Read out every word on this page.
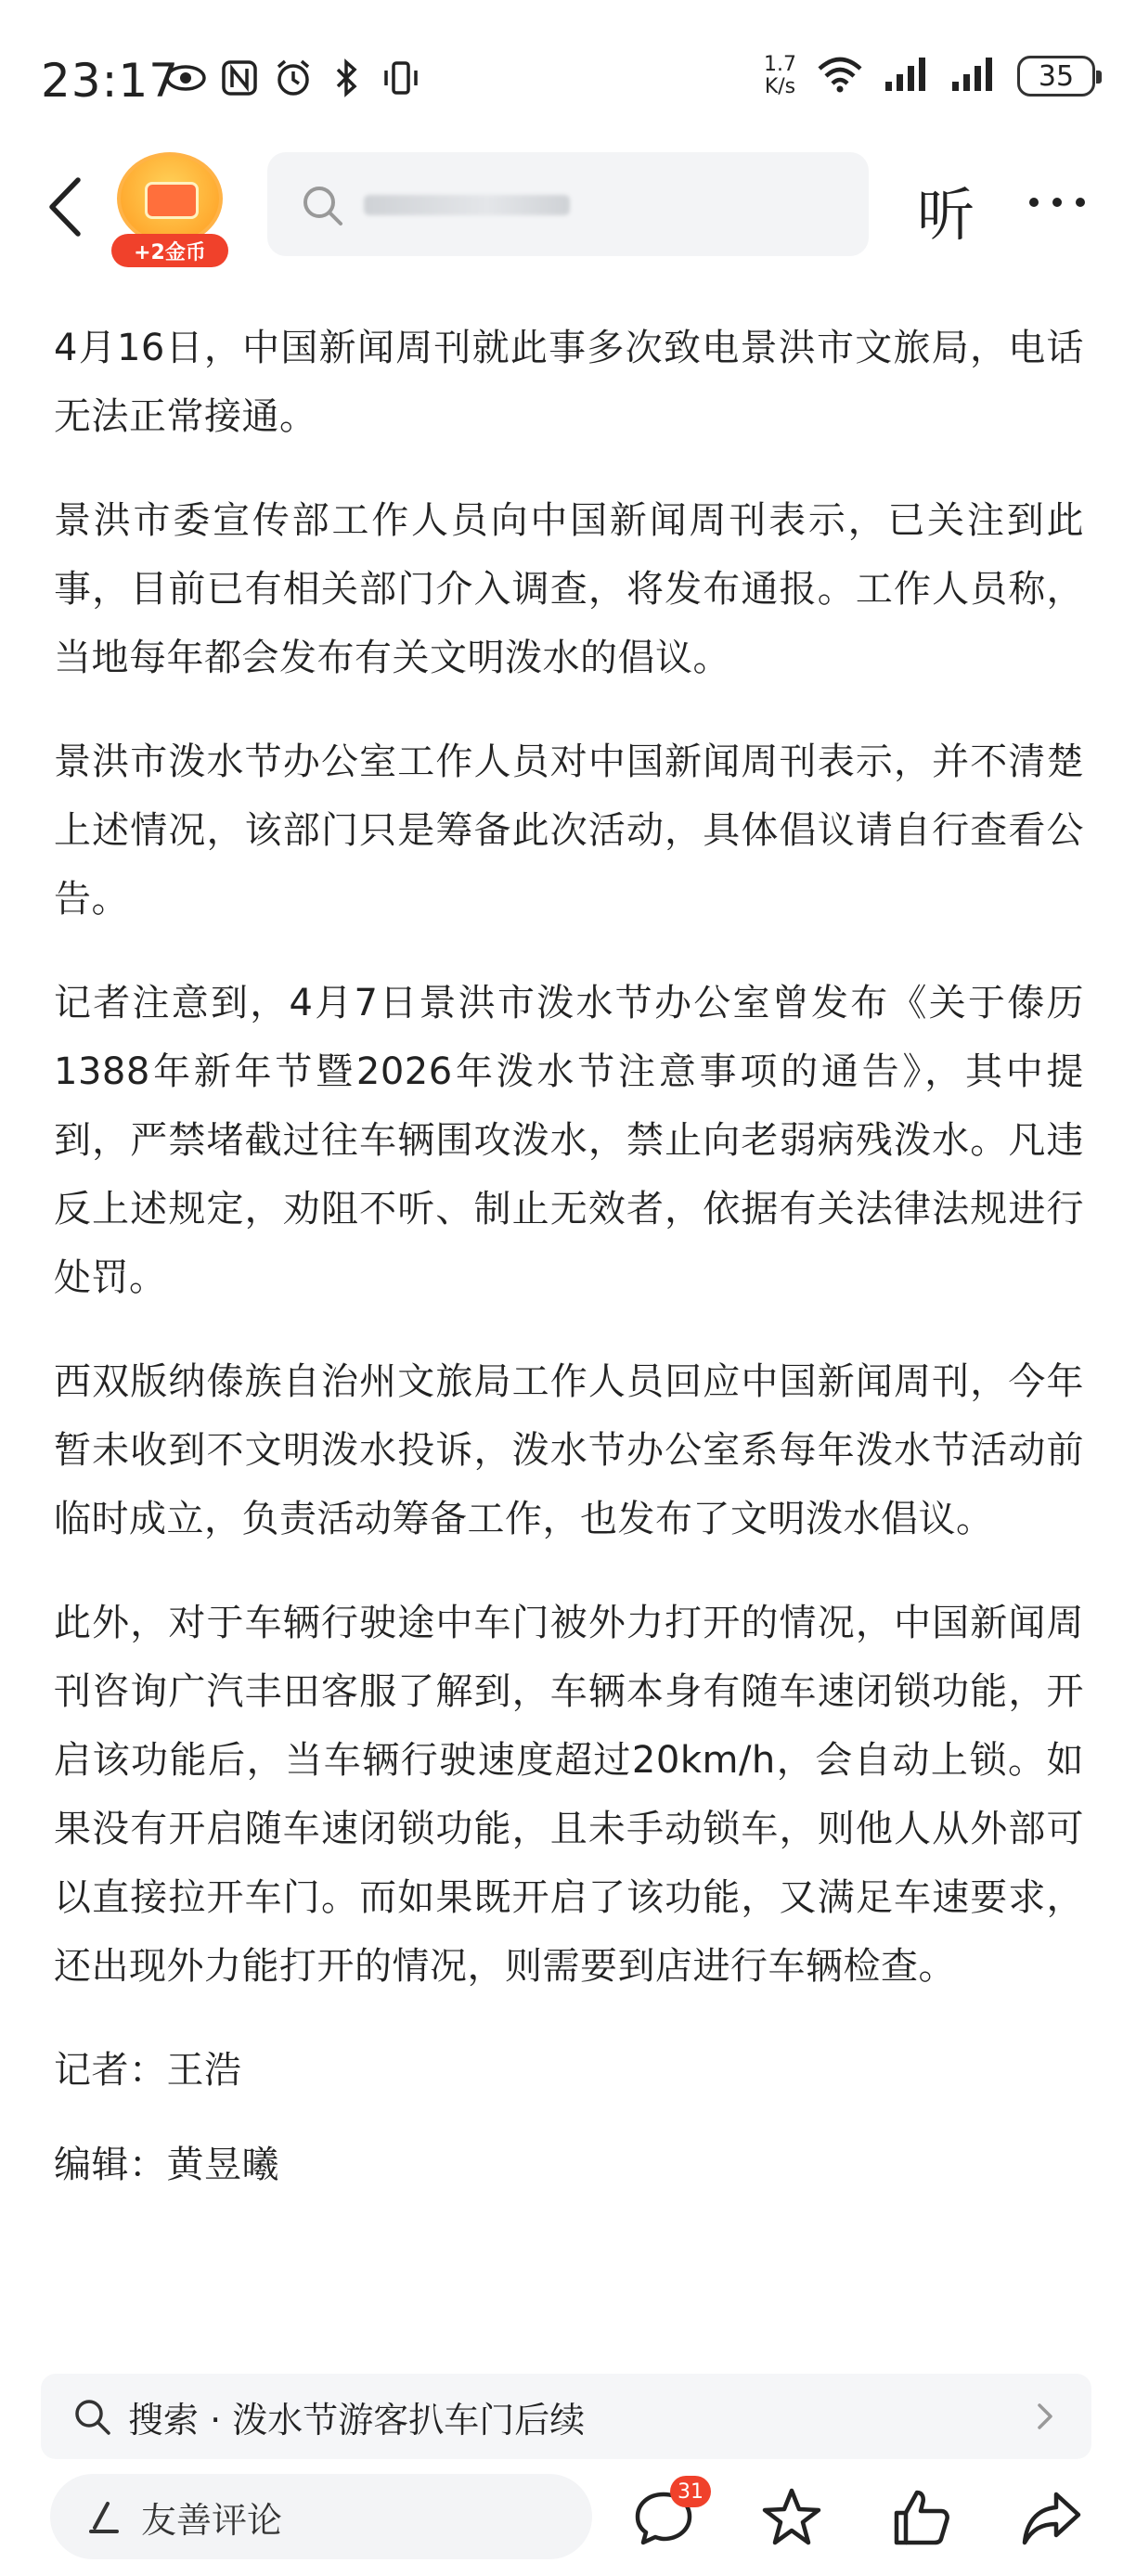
23:17	1.7
K/s	35
+2金币
听

4月16日，中国新闻周刊就此事多次致电景洪市文旅局，电话无法正常接通。

景洪市委宣传部工作人员向中国新闻周刊表示，已关注到此事，目前已有相关部门介入调查，将发布通报。工作人员称，当地每年都会发布有关文明泼水的倡议。

景洪市泼水节办公室工作人员对中国新闻周刊表示，并不清楚上述情况，该部门只是筹备此次活动，具体倡议请自行查看公告。

记者注意到，4月7日景洪市泼水节办公室曾发布《关于傣历1388年新年节暨2026年泼水节注意事项的通告》，其中提到，严禁堵截过往车辆围攻泼水，禁止向老弱病残泼水。凡违反上述规定，劝阻不听、制止无效者，依据有关法律法规进行处罚。

西双版纳傣族自治州文旅局工作人员回应中国新闻周刊，今年暂未收到不文明泼水投诉，泼水节办公室系每年泼水节活动前临时成立，负责活动筹备工作，也发布了文明泼水倡议。

此外，对于车辆行驶途中车门被外力打开的情况，中国新闻周刊咨询广汽丰田客服了解到，车辆本身有随车速闭锁功能，开启该功能后，当车辆行驶速度超过20km/h，会自动上锁。如果没有开启随车速闭锁功能，且未手动锁车，则他人从外部可以直接拉开车门。而如果既开启了该功能，又满足车速要求，还出现外力能打开的情况，则需要到店进行车辆检查。

记者：王浩

编辑：黄昱曦

搜索 · 泼水节游客扒车门后续
友善评论
31
